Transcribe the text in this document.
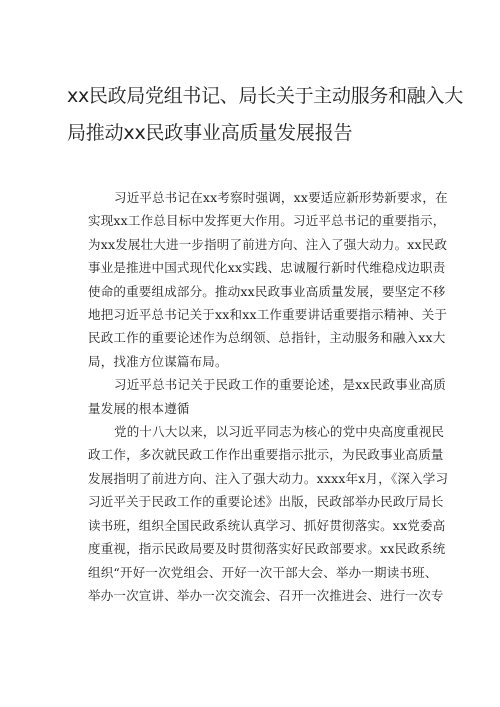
xx民政局党组书记、局长关于主动服务和融入大
局推动xx民政事业高质量发展报告
习近平总书记在xx考察时强调，xx要适应新形势新要求，在
实现xx工作总目标中发挥更大作用。习近平总书记的重要指示，
为xx发展壮大进一步指明了前进方向、注入了强大动力。xx民政
事业是推进中国式现代化xx实践、忠诚履行新时代维稳戍边职责
使命的重要组成部分。推动xx民政事业高质量发展，要坚定不移
地把习近平总书记关于xx和xx工作重要讲话重要指示精神、关于
民政工作的重要论述作为总纲领、总指针，主动服务和融入xx大
局，找准方位谋篇布局。
习近平总书记关于民政工作的重要论述，是xx民政事业高质
量发展的根本遵循
党的十八大以来，以习近平同志为核心的党中央高度重视民
政工作，多次就民政工作作出重要指示批示，为民政事业高质量
发展指明了前进方向、注入了强大动力。xxxx年x月，《深入学习
习近平关于民政工作的重要论述》出版，民政部举办民政厅局长
读书班，组织全国民政系统认真学习、抓好贯彻落实。xx党委高
度重视，指示民政局要及时贯彻落实好民政部要求。xx民政系统
组织“开好一次党组会、开好一次干部大会、举办一期读书班、
举办一次宣讲、举办一次交流会、召开一次推进会、进行一次专
